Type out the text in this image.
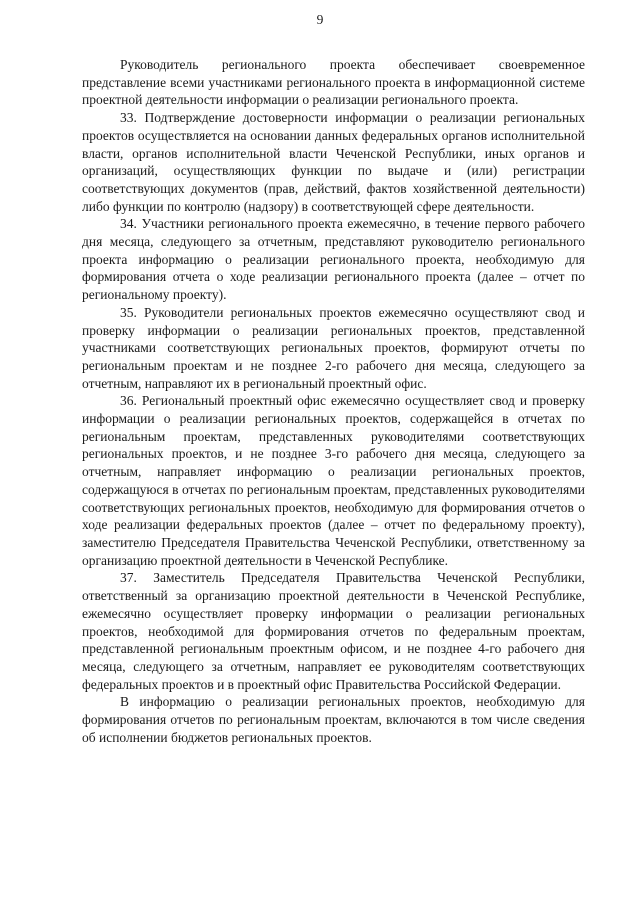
9

Руководитель регионального проекта обеспечивает своевременное представление всеми участниками регионального проекта в информационной системе проектной деятельности информации о реализации регионального проекта.

33. Подтверждение достоверности информации о реализации региональных проектов осуществляется на основании данных федеральных органов исполнительной власти, органов исполнительной власти Чеченской Республики, иных органов и организаций, осуществляющих функции по выдаче и (или) регистрации соответствующих документов (прав, действий, фактов хозяйственной деятельности) либо функции по контролю (надзору) в соответствующей сфере деятельности.

34. Участники регионального проекта ежемесячно, в течение первого рабочего дня месяца, следующего за отчетным, представляют руководителю регионального проекта информацию о реализации регионального проекта, необходимую для формирования отчета о ходе реализации регионального проекта (далее – отчет по региональному проекту).

35. Руководители региональных проектов ежемесячно осуществляют свод и проверку информации о реализации региональных проектов, представленной участниками соответствующих региональных проектов, формируют отчеты по региональным проектам и не позднее 2-го рабочего дня месяца, следующего за отчетным, направляют их в региональный проектный офис.

36. Региональный проектный офис ежемесячно осуществляет свод и проверку информации о реализации региональных проектов, содержащейся в отчетах по региональным проектам, представленных руководителями соответствующих региональных проектов, и не позднее 3-го рабочего дня месяца, следующего за отчетным, направляет информацию о реализации региональных проектов, содержащуюся в отчетах по региональным проектам, представленных руководителями соответствующих региональных проектов, необходимую для формирования отчетов о ходе реализации федеральных проектов (далее – отчет по федеральному проекту), заместителю Председателя Правительства Чеченской Республики, ответственному за организацию проектной деятельности в Чеченской Республике.

37. Заместитель Председателя Правительства Чеченской Республики, ответственный за организацию проектной деятельности в Чеченской Республике, ежемесячно осуществляет проверку информации о реализации региональных проектов, необходимой для формирования отчетов по федеральным проектам, представленной региональным проектным офисом, и не позднее 4-го рабочего дня месяца, следующего за отчетным, направляет ее руководителям соответствующих федеральных проектов и в проектный офис Правительства Российской Федерации.

В информацию о реализации региональных проектов, необходимую для формирования отчетов по региональным проектам, включаются в том числе сведения об исполнении бюджетов региональных проектов.
